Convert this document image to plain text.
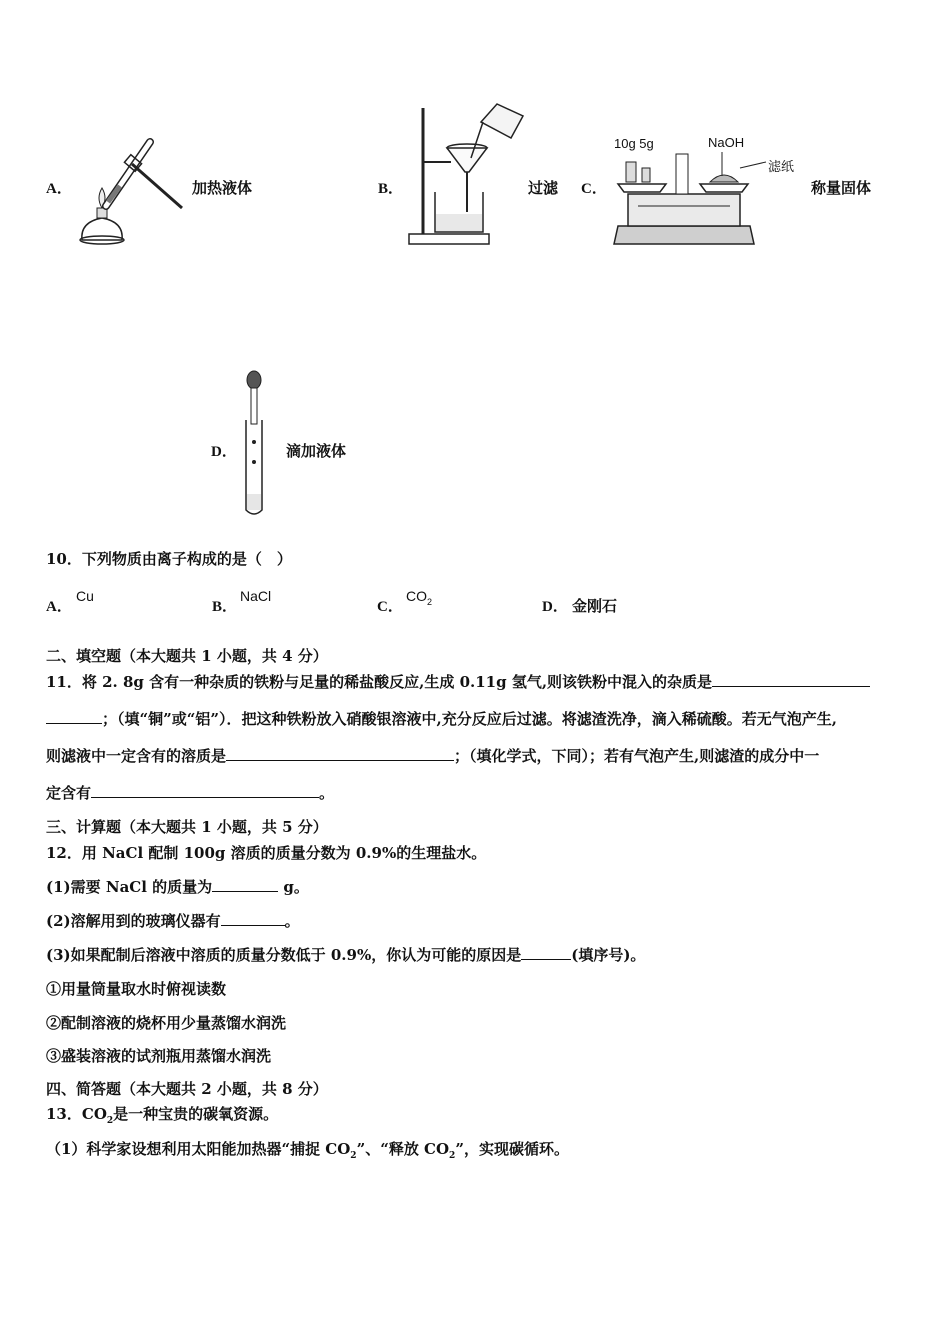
A．	加热液体	B．	过滤 C．
10g 5g	NaOH
滤纸
称量固体
D．	滴加液体
10．下列物质由离子构成的是（　）
A．
Cu
B．
NaCl
C．
$CO_2$	D． 金刚石
二、填空题（本大题共 1 小题，共 4 分）
11．将 2. 8g 含有一种杂质的铁粉与足量的稀盐酸反应,生成 0.11g 氢气,则该铁粉中混入的杂质是
；（填“铜”或“铝”）．把这种铁粉放入硝酸银溶液中,充分反应后过滤。将滤渣洗净，滴入稀硫酸。若无气泡产生,
则滤液中一定含有的溶质是	；（填化学式，下同）；若有气泡产生,则滤渣的成分中一
定含有	。
三、计算题（本大题共 1 小题，共 5 分）
12．用 NaCl 配制 100g 溶质的质量分数为 0.9%的生理盐水。
(1)需要 NaCl 的质量为	g。
(2)溶解用到的玻璃仪器有	。
(3)如果配制后溶液中溶质的质量分数低于 0.9%，你认为可能的原因是	(填序号)。
①用量筒量取水时俯视读数
②配制溶液的烧杯用少量蒸馏水润洗
③盛装溶液的试剂瓶用蒸馏水润洗
四、简答题（本大题共 2 小题，共 8 分）
13．$CO_2$是一种宝贵的碳氧资源。
（1）科学家设想利用太阳能加热器“捕捉 $CO_2$”、“释放 $CO_2$”，实现碳循环。
